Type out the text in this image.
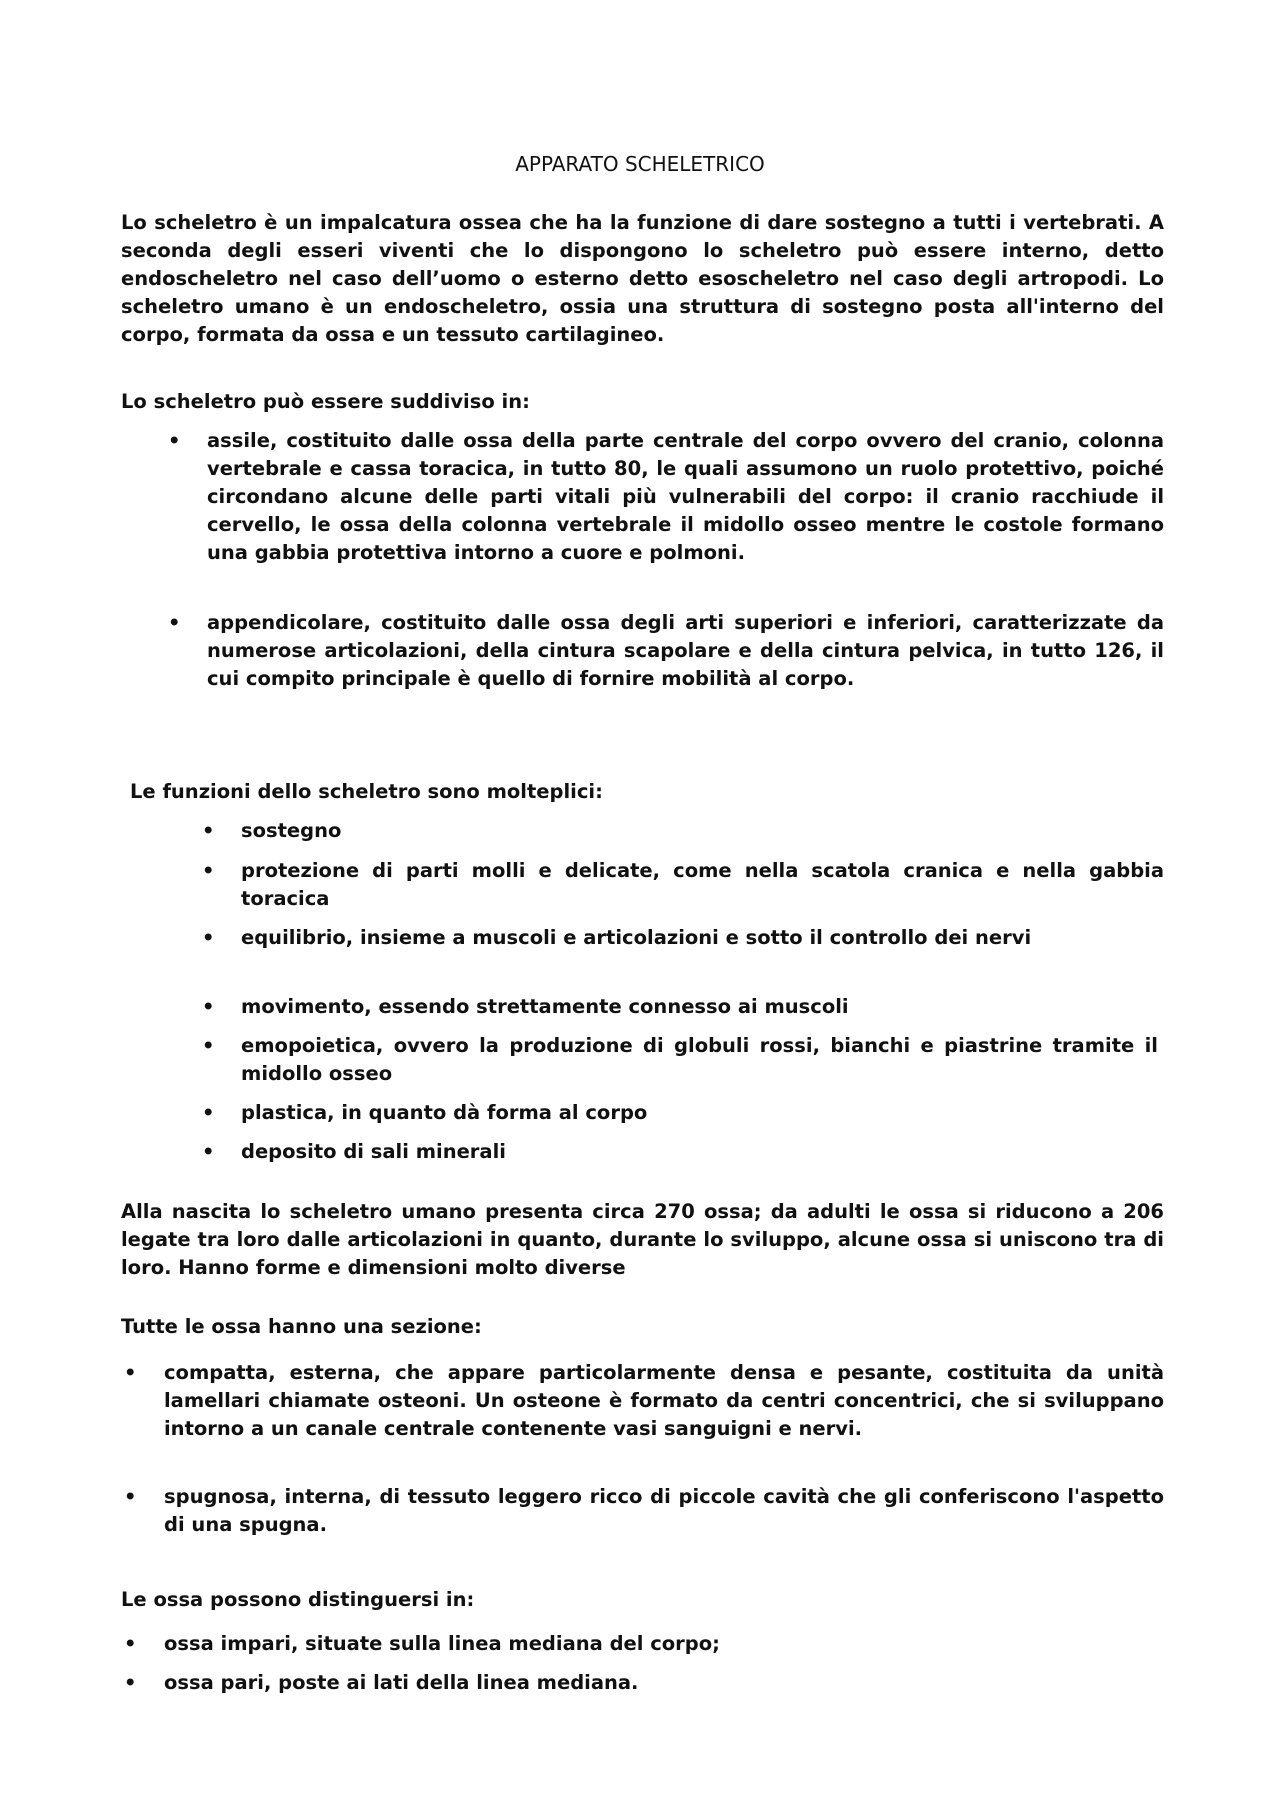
APPARATO SCHELETRICO
Lo scheletro è un impalcatura ossea che ha la funzione di dare sostegno a tutti i vertebrati. A seconda degli esseri viventi che lo dispongono lo scheletro può essere interno, detto endoscheletro nel caso dell’uomo o esterno detto esoscheletro nel caso degli artropodi. Lo scheletro umano è un endoscheletro, ossia una struttura di sostegno posta all'interno del corpo, formata da ossa e un tessuto cartilagineo.
Lo scheletro può essere suddiviso in:
• assile, costituito dalle ossa della parte centrale del corpo ovvero del cranio, colonna vertebrale e cassa toracica, in tutto 80, le quali assumono un ruolo protettivo, poiché circondano alcune delle parti vitali più vulnerabili del corpo: il cranio racchiude il cervello, le ossa della colonna vertebrale il midollo osseo mentre le costole formano una gabbia protettiva intorno a cuore e polmoni.
• appendicolare, costituito dalle ossa degli arti superiori e inferiori, caratterizzate da numerose articolazioni, della cintura scapolare e della cintura pelvica, in tutto 126, il cui compito principale è quello di fornire mobilità al corpo.
Le funzioni dello scheletro sono molteplici:
• sostegno
• protezione di parti molli e delicate, come nella scatola cranica e nella gabbia toracica
• equilibrio, insieme a muscoli e articolazioni e sotto il controllo dei nervi
• movimento, essendo strettamente connesso ai muscoli
• emopoietica, ovvero la produzione di globuli rossi, bianchi e piastrine tramite il midollo osseo
• plastica, in quanto dà forma al corpo
• deposito di sali minerali
Alla nascita lo scheletro umano presenta circa 270 ossa; da adulti le ossa si riducono a 206 legate tra loro dalle articolazioni in quanto, durante lo sviluppo, alcune ossa si uniscono tra di loro. Hanno forme e dimensioni molto diverse
Tutte le ossa hanno una sezione:
• compatta, esterna, che appare particolarmente densa e pesante, costituita da unità lamellari chiamate osteoni. Un osteone è formato da centri concentrici, che si sviluppano intorno a un canale centrale contenente vasi sanguigni e nervi.
• spugnosa, interna, di tessuto leggero ricco di piccole cavità che gli conferiscono l'aspetto di una spugna.
Le ossa possono distinguersi in:
• ossa impari, situate sulla linea mediana del corpo;
• ossa pari, poste ai lati della linea mediana.
